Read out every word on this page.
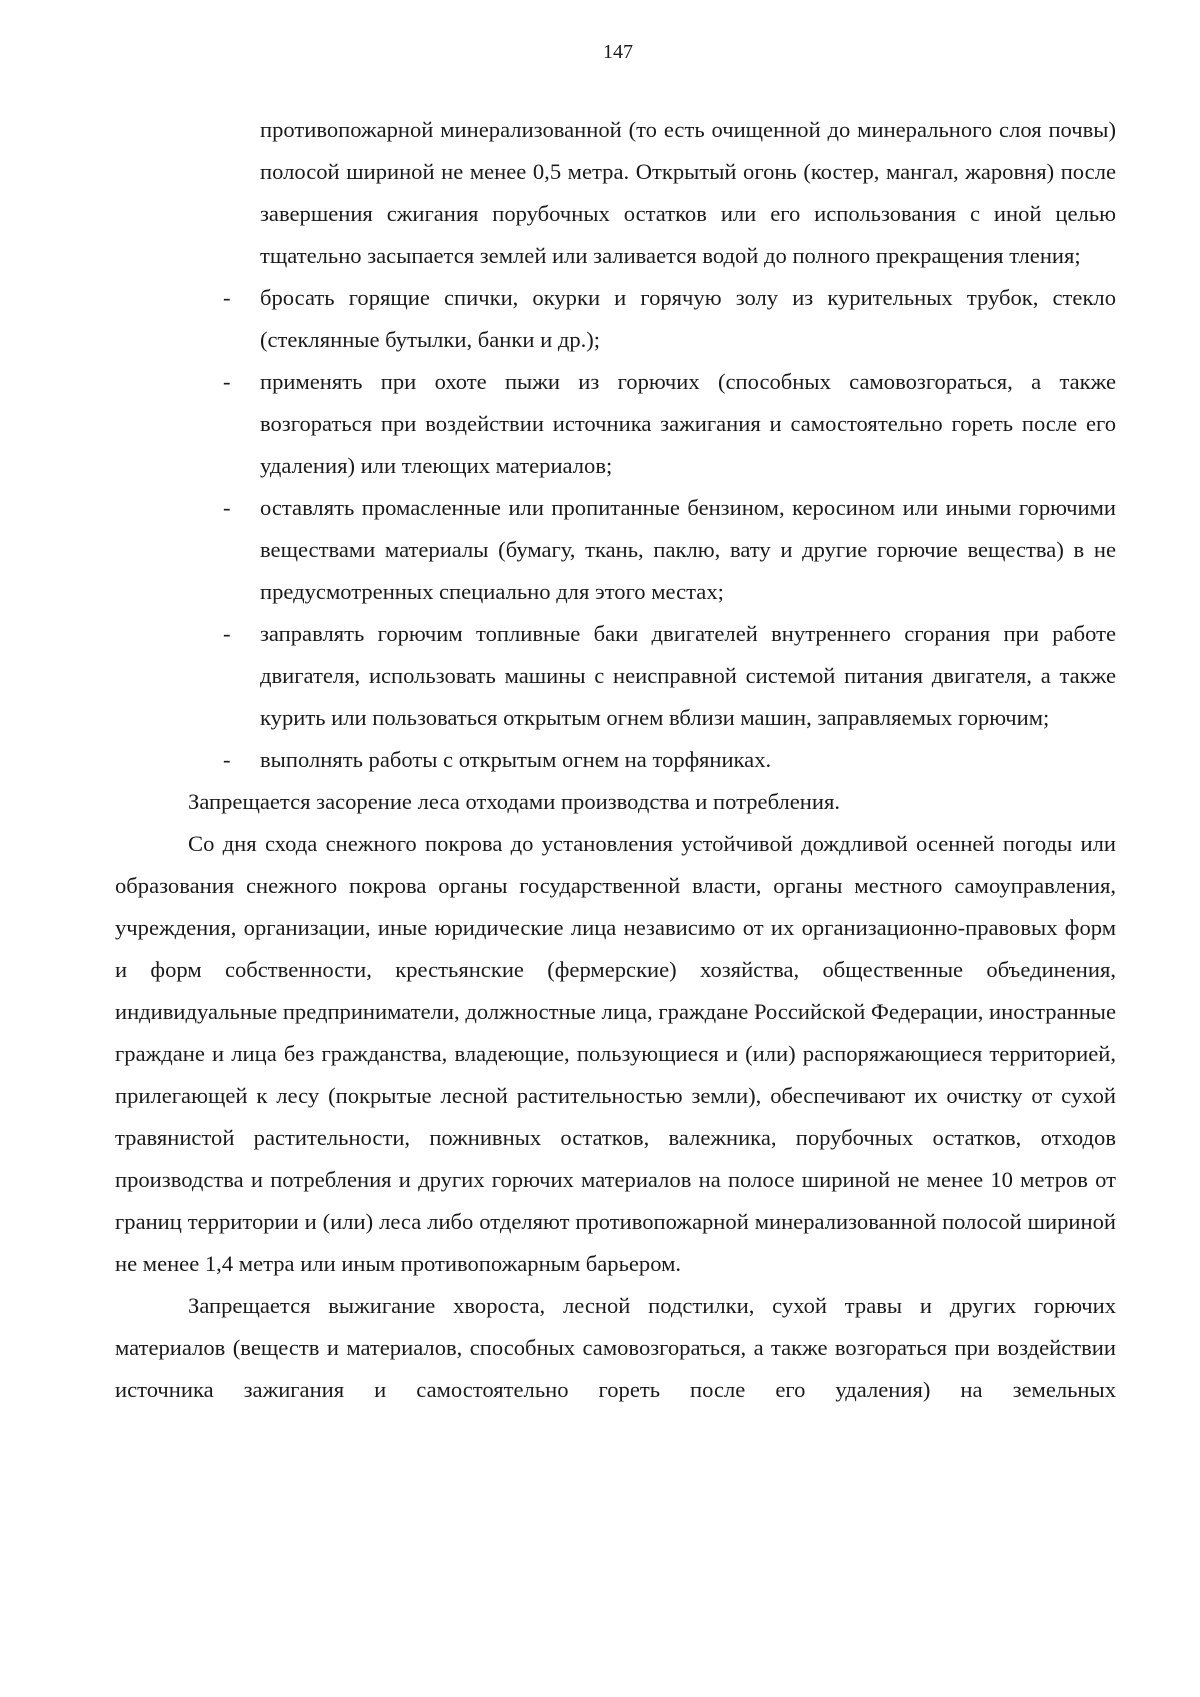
147

противопожарной минерализованной (то есть очищенной до минерального слоя почвы) полосой шириной не менее 0,5 метра. Открытый огонь (костер, мангал, жаровня) после завершения сжигания порубочных остатков или его использования с иной целью тщательно засыпается землей или заливается водой до полного прекращения тления;

-	бросать горящие спички, окурки и горячую золу из курительных трубок, стекло (стеклянные бутылки, банки и др.);
-	применять при охоте пыжи из горючих (способных самовозгораться, а также возгораться при воздействии источника зажигания и самостоятельно гореть после его удаления) или тлеющих материалов;
-	оставлять промасленные или пропитанные бензином, керосином или иными горючими веществами материалы (бумагу, ткань, паклю, вату и другие горючие вещества) в не предусмотренных специально для этого местах;
-	заправлять горючим топливные баки двигателей внутреннего сгорания при работе двигателя, использовать машины с неисправной системой питания двигателя, а также курить или пользоваться открытым огнем вблизи машин, заправляемых горючим;
-	выполнять работы с открытым огнем на торфяниках.

Запрещается засорение леса отходами производства и потребления.

Со дня схода снежного покрова до установления устойчивой дождливой осенней погоды или образования снежного покрова органы государственной власти, органы местного самоуправления, учреждения, организации, иные юридические лица независимо от их организационно-правовых форм и форм собственности, крестьянские (фермерские) хозяйства, общественные объединения, индивидуальные предприниматели, должностные лица, граждане Российской Федерации, иностранные граждане и лица без гражданства, владеющие, пользующиеся и (или) распоряжающиеся территорией, прилегающей к лесу (покрытые лесной растительностью земли), обеспечивают их очистку от сухой травянистой растительности, пожнивных остатков, валежника, порубочных остатков, отходов производства и потребления и других горючих материалов на полосе шириной не менее 10 метров от границ территории и (или) леса либо отделяют противопожарной минерализованной полосой шириной не менее 1,4 метра или иным противопожарным барьером.

Запрещается выжигание хвороста, лесной подстилки, сухой травы и других горючих материалов (веществ и материалов, способных самовозгораться, а также возгораться при воздействии источника зажигания и самостоятельно гореть после его удаления) на земельных
